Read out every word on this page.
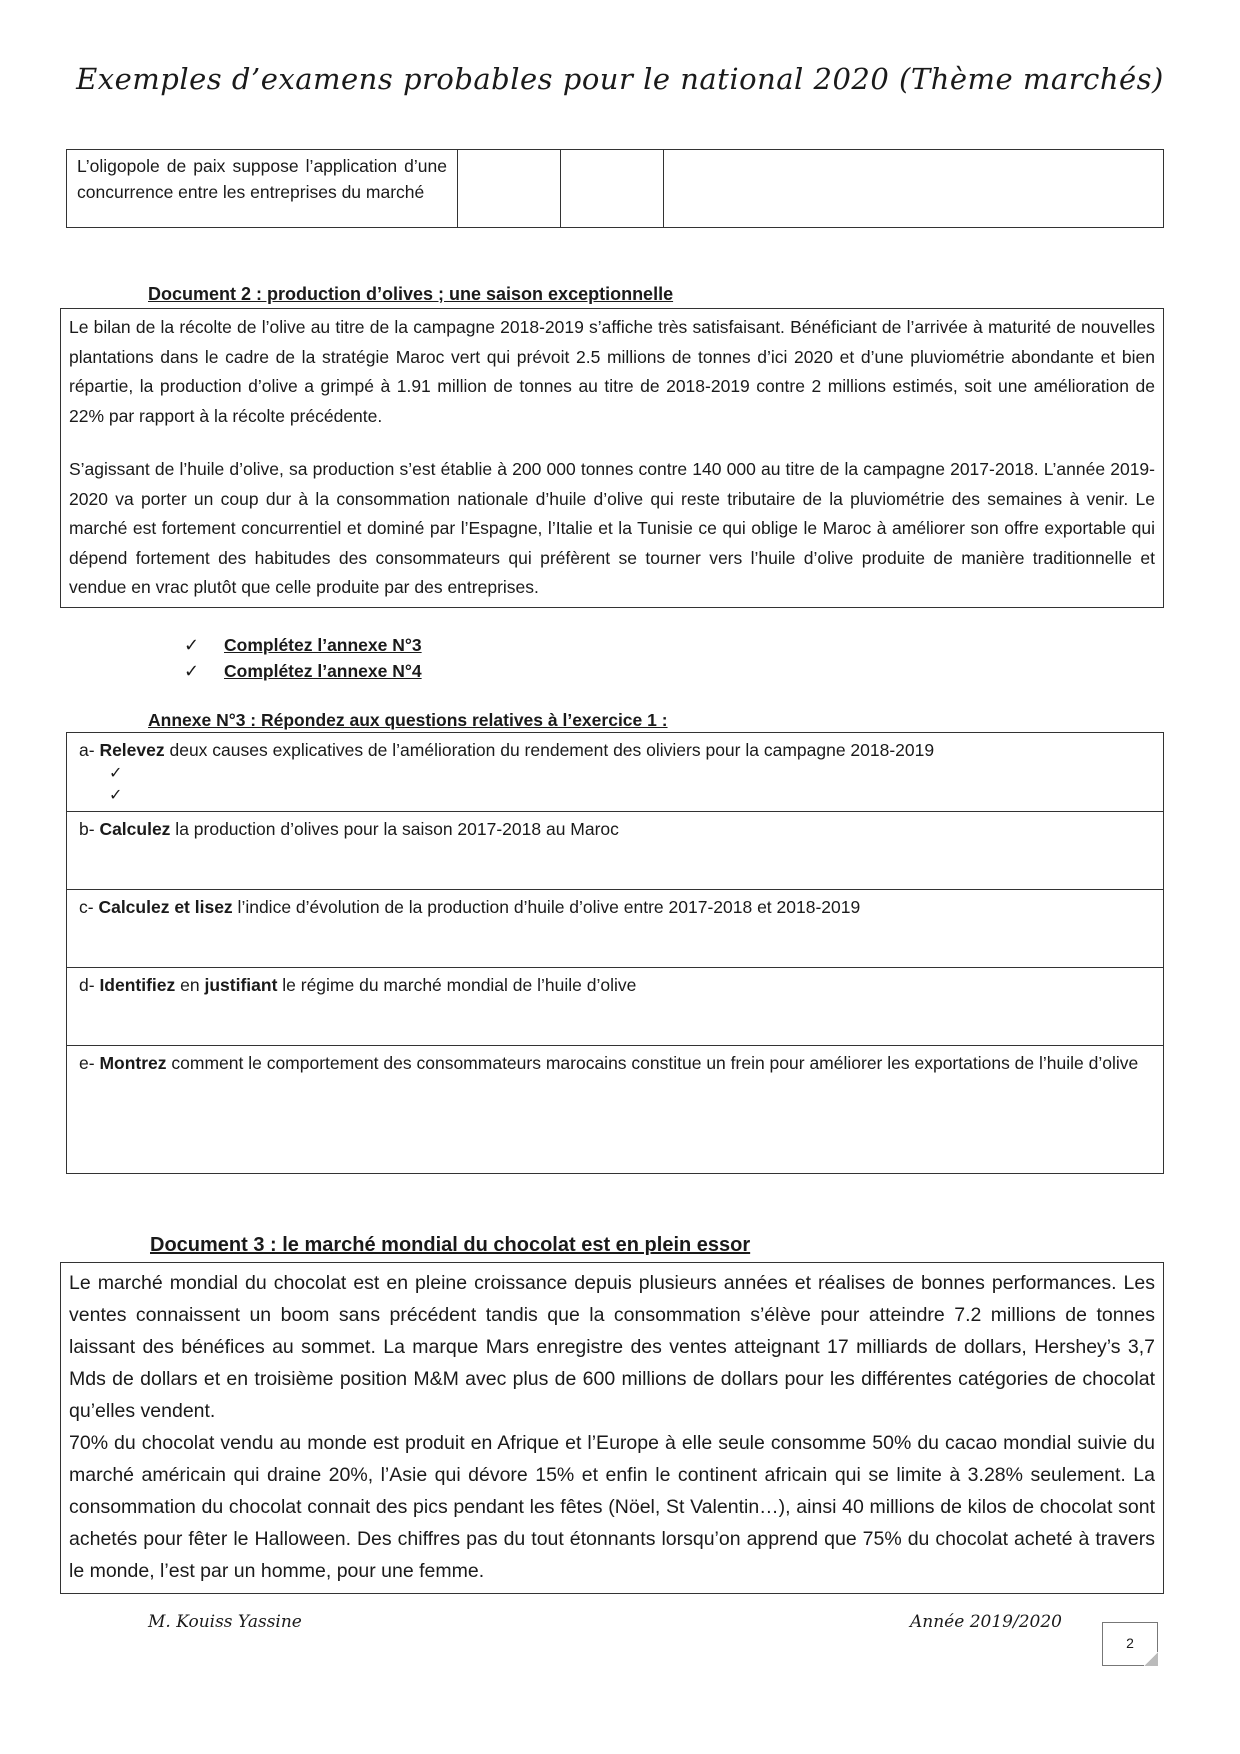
Exemples d’examens probables pour le national 2020 (Thème marchés)
L’oligopole de paix suppose l’application d’une concurrence entre les entreprises du marché			
Document 2 : production d’olives ; une saison exceptionnelle

Le bilan de la récolte de l’olive au titre de la campagne 2018-2019 s’affiche très satisfaisant. Bénéficiant de l’arrivée à maturité de nouvelles plantations dans le cadre de la stratégie Maroc vert qui prévoit 2.5 millions de tonnes d’ici 2020 et d’une pluviométrie abondante et bien répartie, la production d’olive a grimpé à 1.91 million de tonnes au titre de 2018-2019 contre 2 millions estimés, soit une amélioration de 22% par rapport à la récolte précédente.

S’agissant de l’huile d’olive, sa production s’est établie à 200 000 tonnes contre 140 000 au titre de la campagne 2017-2018. L’année 2019-2020 va porter un coup dur à la consommation nationale d’huile d’olive qui reste tributaire de la pluviométrie des semaines à venir. Le marché est fortement concurrentiel et dominé par l’Espagne, l’Italie et la Tunisie ce qui oblige le Maroc à améliorer son offre exportable qui dépend fortement des habitudes des consommateurs qui préfèrent se tourner vers l’huile d’olive produite de manière traditionnelle et vendue en vrac plutôt que celle produite par des entreprises.

✓	Complétez l’annexe N°3
✓	Complétez l’annexe N°4
Annexe N°3 : Répondez aux questions relatives à l’exercice 1 :
a- Relevez deux causes explicatives de l’amélioration du rendement des oliviers pour la campagne 2018-2019
✓
✓
b- Calculez la production d’olives pour la saison 2017-2018 au Maroc
c- Calculez et lisez l’indice d’évolution de la production d’huile d’olive entre 2017-2018 et 2018-2019
d- Identifiez en justifiant le régime du marché mondial de l’huile d’olive
e- Montrez comment le comportement des consommateurs marocains constitue un frein pour améliorer les exportations de l’huile d’olive
Document 3 : le marché mondial du chocolat est en plein essor

Le marché mondial du chocolat est en pleine croissance depuis plusieurs années et réalises de bonnes performances. Les ventes connaissent un boom sans précédent tandis que la consommation s’élève pour atteindre 7.2 millions de tonnes laissant des bénéfices au sommet. La marque Mars enregistre des ventes atteignant 17 milliards de dollars, Hershey’s 3,7 Mds de dollars et en troisième position M&M avec plus de 600 millions de dollars pour les différentes catégories de chocolat qu’elles vendent.

70% du chocolat vendu au monde est produit en Afrique et l’Europe à elle seule consomme 50% du cacao mondial suivie du marché américain qui draine 20%, l’Asie qui dévore 15% et enfin le continent africain qui se limite à 3.28% seulement. La consommation du chocolat connait des pics pendant les fêtes (Nöel, St Valentin…), ainsi 40 millions de kilos de chocolat sont achetés pour fêter le Halloween. Des chiffres pas du tout étonnants lorsqu’on apprend que 75% du chocolat acheté à travers le monde, l’est par un homme, pour une femme.

M. Kouiss Yassine	Année 2019/2020
2
